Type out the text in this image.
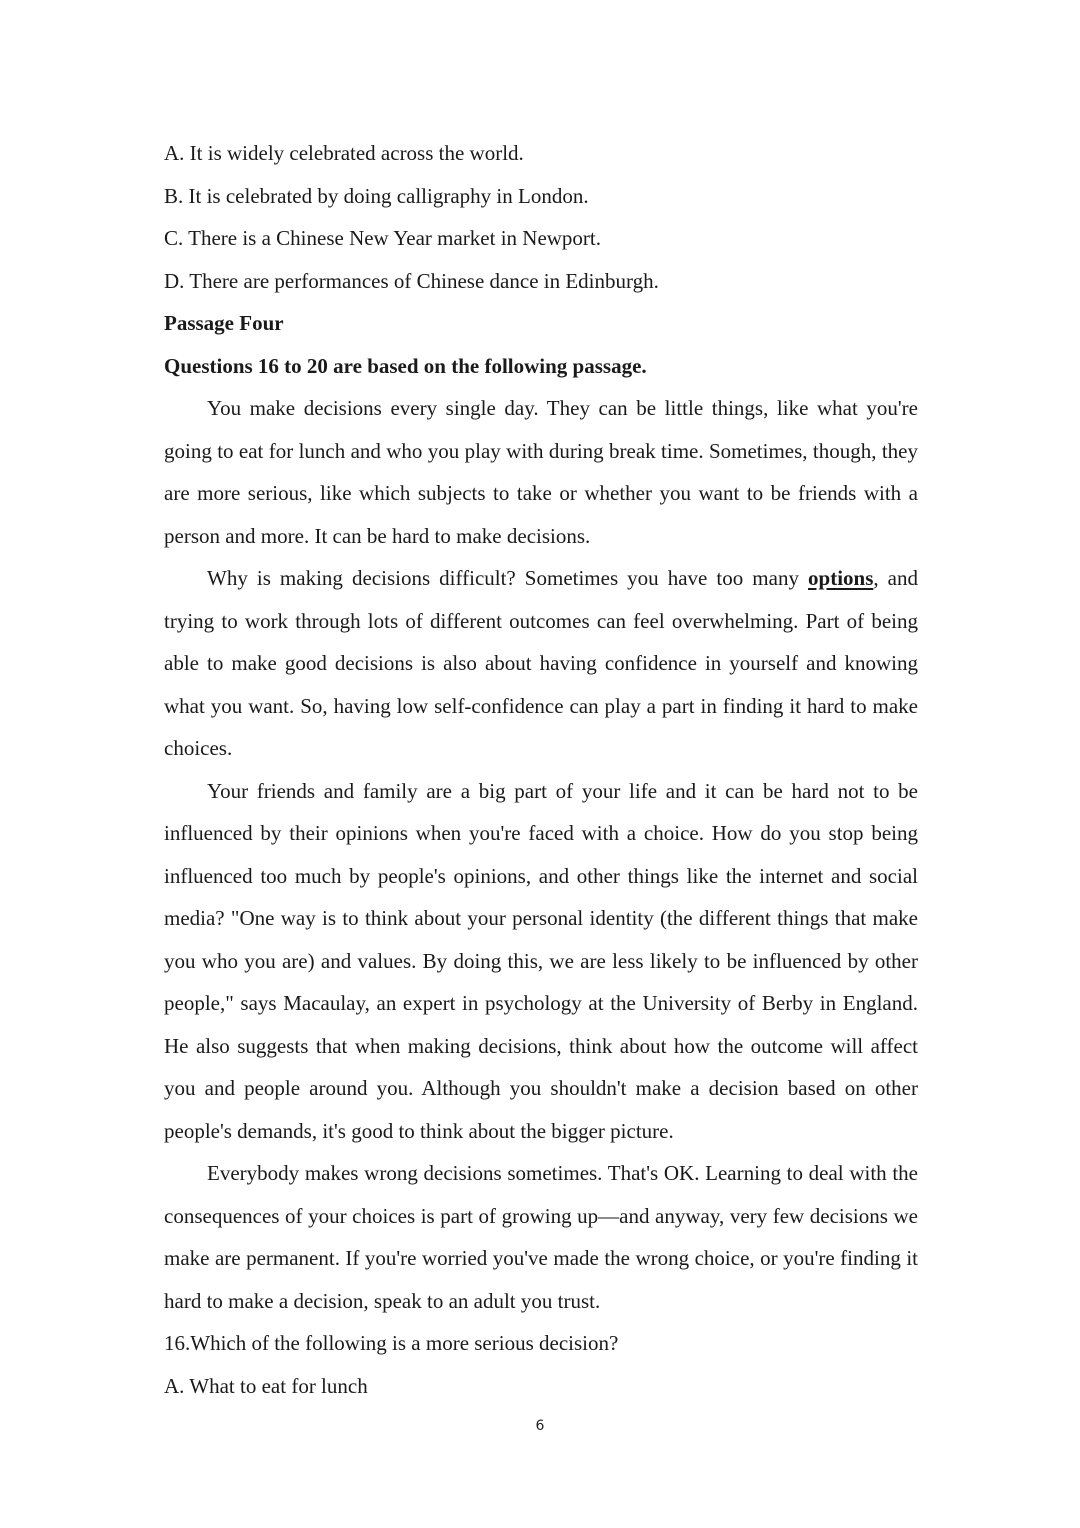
A. It is widely celebrated across the world.

B. It is celebrated by doing calligraphy in London.

C. There is a Chinese New Year market in Newport.

D. There are performances of Chinese dance in Edinburgh.

Passage Four

Questions 16 to 20 are based on the following passage.

You make decisions every single day. They can be little things, like what you're going to eat for lunch and who you play with during break time. Sometimes, though, they are more serious, like which subjects to take or whether you want to be friends with a person and more. It can be hard to make decisions.

Why is making decisions difficult? Sometimes you have too many options, and trying to work through lots of different outcomes can feel overwhelming. Part of being able to make good decisions is also about having confidence in yourself and knowing what you want. So, having low self-confidence can play a part in finding it hard to make choices.

Your friends and family are a big part of your life and it can be hard not to be influenced by their opinions when you're faced with a choice. How do you stop being influenced too much by people's opinions, and other things like the internet and social media? "One way is to think about your personal identity (the different things that make you who you are) and values. By doing this, we are less likely to be influenced by other people," says Macaulay, an expert in psychology at the University of Berby in England. He also suggests that when making decisions, think about how the outcome will affect you and people around you. Although you shouldn't make a decision based on other people's demands, it's good to think about the bigger picture.

Everybody makes wrong decisions sometimes. That's OK. Learning to deal with the consequences of your choices is part of growing up—and anyway, very few decisions we make are permanent. If you're worried you've made the wrong choice, or you're finding it hard to make a decision, speak to an adult you trust.

16.Which of the following is a more serious decision?

A. What to eat for lunch

6
